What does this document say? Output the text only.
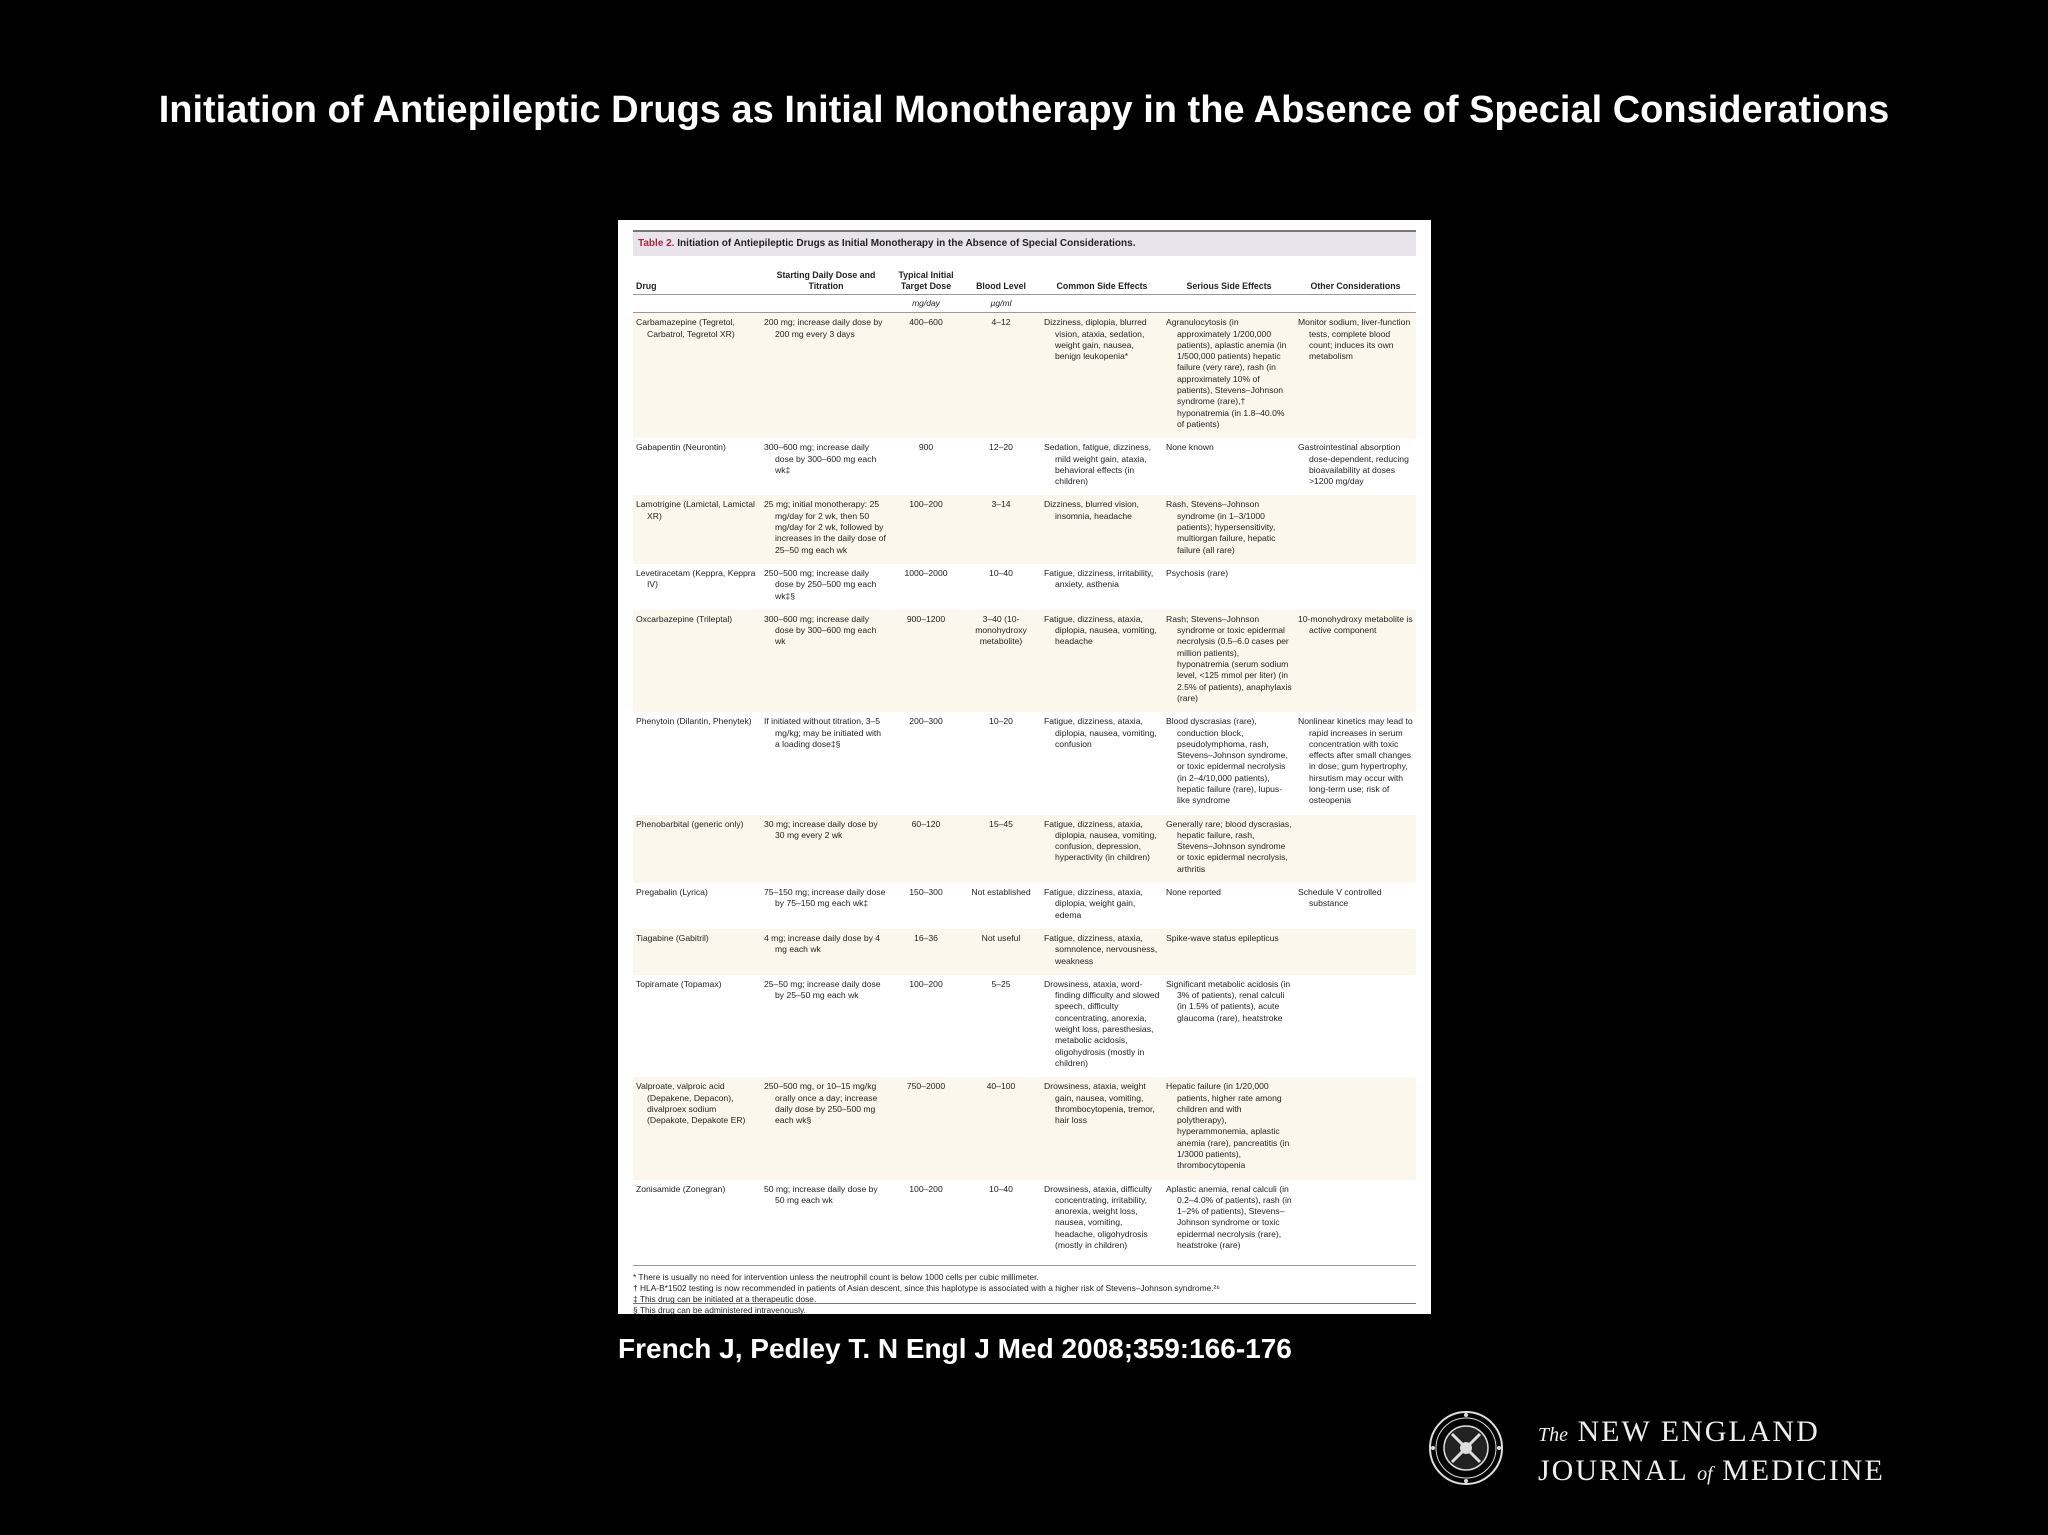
Initiation of Antiepileptic Drugs as Initial Monotherapy in the Absence of Special Considerations
Table 2. Initiation of Antiepileptic Drugs as Initial Monotherapy in the Absence of Special Considerations.
Drug	Starting Daily Dose and Titration	Typical Initial Target Dose	Blood Level	Common Side Effects	Serious Side Effects	Other Considerations
		mg/day	µg/ml			
Carbamazepine (Tegretol, Carbatrol, Tegretol XR)	200 mg; increase daily dose by 200 mg every 3 days	400–600	4–12	Dizziness, diplopia, blurred vision, ataxia, sedation, weight gain, nausea, benign leukopenia*	Agranulocytosis (in approximately 1/200,000 patients), aplastic anemia (in 1/500,000 patients) hepatic failure (very rare), rash (in approximately 10% of patients), Stevens–Johnson syndrome (rare),† hyponatremia (in 1.8–40.0% of patients)	Monitor sodium, liver-function tests, complete blood count; induces its own metabolism
Gabapentin (Neurontin)	300–600 mg; increase daily dose by 300–600 mg each wk‡	900	12–20	Sedation, fatigue, dizziness, mild weight gain, ataxia, behavioral effects (in children)	None known	Gastrointestinal absorption dose-dependent, reducing bioavailability at doses >1200 mg/day
Lamotrigine (Lamictal, Lamictal XR)	25 mg; initial monotherapy: 25 mg/day for 2 wk, then 50 mg/day for 2 wk, followed by increases in the daily dose of 25–50 mg each wk	100–200	3–14	Dizziness, blurred vision, insomnia, headache	Rash, Stevens–Johnson syndrome (in 1–3/1000 patients); hypersensitivity, multiorgan failure, hepatic failure (all rare)	
Levetiracetam (Keppra, Keppra IV)	250–500 mg; increase daily dose by 250–500 mg each wk‡§	1000–2000	10–40	Fatigue, dizziness, irritability, anxiety, asthenia	Psychosis (rare)	
Oxcarbazepine (Trileptal)	300–600 mg; increase daily dose by 300–600 mg each wk	900–1200	3–40 (10-monohydroxy metabolite)	Fatigue, dizziness, ataxia, diplopia, nausea, vomiting, headache	Rash; Stevens–Johnson syndrome or toxic epidermal necrolysis (0.5–6.0 cases per million patients), hyponatremia (serum sodium level, <125 mmol per liter) (in 2.5% of patients), anaphylaxis (rare)	10-monohydroxy metabolite is active component
Phenytoin (Dilantin, Phenytek)	If initiated without titration, 3–5 mg/kg; may be initiated with a loading dose‡§	200–300	10–20	Fatigue, dizziness, ataxia, diplopia, nausea, vomiting, confusion	Blood dyscrasias (rare), conduction block, pseudolymphoma, rash, Stevens–Johnson syndrome, or toxic epidermal necrolysis (in 2–4/10,000 patients), hepatic failure (rare), lupus-like syndrome	Nonlinear kinetics may lead to rapid increases in serum concentration with toxic effects after small changes in dose; gum hypertrophy, hirsutism may occur with long-term use; risk of osteopenia
Phenobarbital (generic only)	30 mg; increase daily dose by 30 mg every 2 wk	60–120	15–45	Fatigue, dizziness, ataxia, diplopia, nausea, vomiting, confusion, depression, hyperactivity (in children)	Generally rare; blood dyscrasias, hepatic failure, rash, Stevens–Johnson syndrome or toxic epidermal necrolysis, arthritis	
Pregabalin (Lyrica)	75–150 mg; increase daily dose by 75–150 mg each wk‡	150–300	Not established	Fatigue, dizziness, ataxia, diplopia, weight gain, edema	None reported	Schedule V controlled substance
Tiagabine (Gabitril)	4 mg; increase daily dose by 4 mg each wk	16–36	Not useful	Fatigue, dizziness, ataxia, somnolence, nervousness, weakness	Spike-wave status epilepticus	
Topiramate (Topamax)	25–50 mg; increase daily dose by 25–50 mg each wk	100–200	5–25	Drowsiness, ataxia, word-finding difficulty and slowed speech, difficulty concentrating, anorexia, weight loss, paresthesias, metabolic acidosis, oligohydrosis (mostly in children)	Significant metabolic acidosis (in 3% of patients), renal calculi (in 1.5% of patients), acute glaucoma (rare), heatstroke	
Valproate, valproic acid (Depakene, Depacon), divalproex sodium (Depakote, Depakote ER)	250–500 mg, or 10–15 mg/kg orally once a day; increase daily dose by 250–500 mg each wk§	750–2000	40–100	Drowsiness, ataxia, weight gain, nausea, vomiting, thrombocytopenia, tremor, hair loss	Hepatic failure (in 1/20,000 patients, higher rate among children and with polytherapy), hyperammonemia, aplastic anemia (rare), pancreatitis (in 1/3000 patients), thrombocytopenia	
Zonisamide (Zonegran)	50 mg; increase daily dose by 50 mg each wk	100–200	10–40	Drowsiness, ataxia, difficulty concentrating, irritability, anorexia, weight loss, nausea, vomiting, headache, oligohydrosis (mostly in children)	Aplastic anemia, renal calculi (in 0.2–4.0% of patients), rash (in 1–2% of patients), Stevens–Johnson syndrome or toxic epidermal necrolysis (rare), heatstroke (rare)	
* There is usually no need for intervention unless the neutrophil count is below 1000 cells per cubic millimeter.
† HLA-B*1502 testing is now recommended in patients of Asian descent, since this haplotype is associated with a higher risk of Stevens–Johnson syndrome.²⁶
‡ This drug can be initiated at a therapeutic dose.
§ This drug can be administered intravenously.
French J, Pedley T. N Engl J Med 2008;359:166-176
The NEW ENGLAND
JOURNAL of MEDICINE
